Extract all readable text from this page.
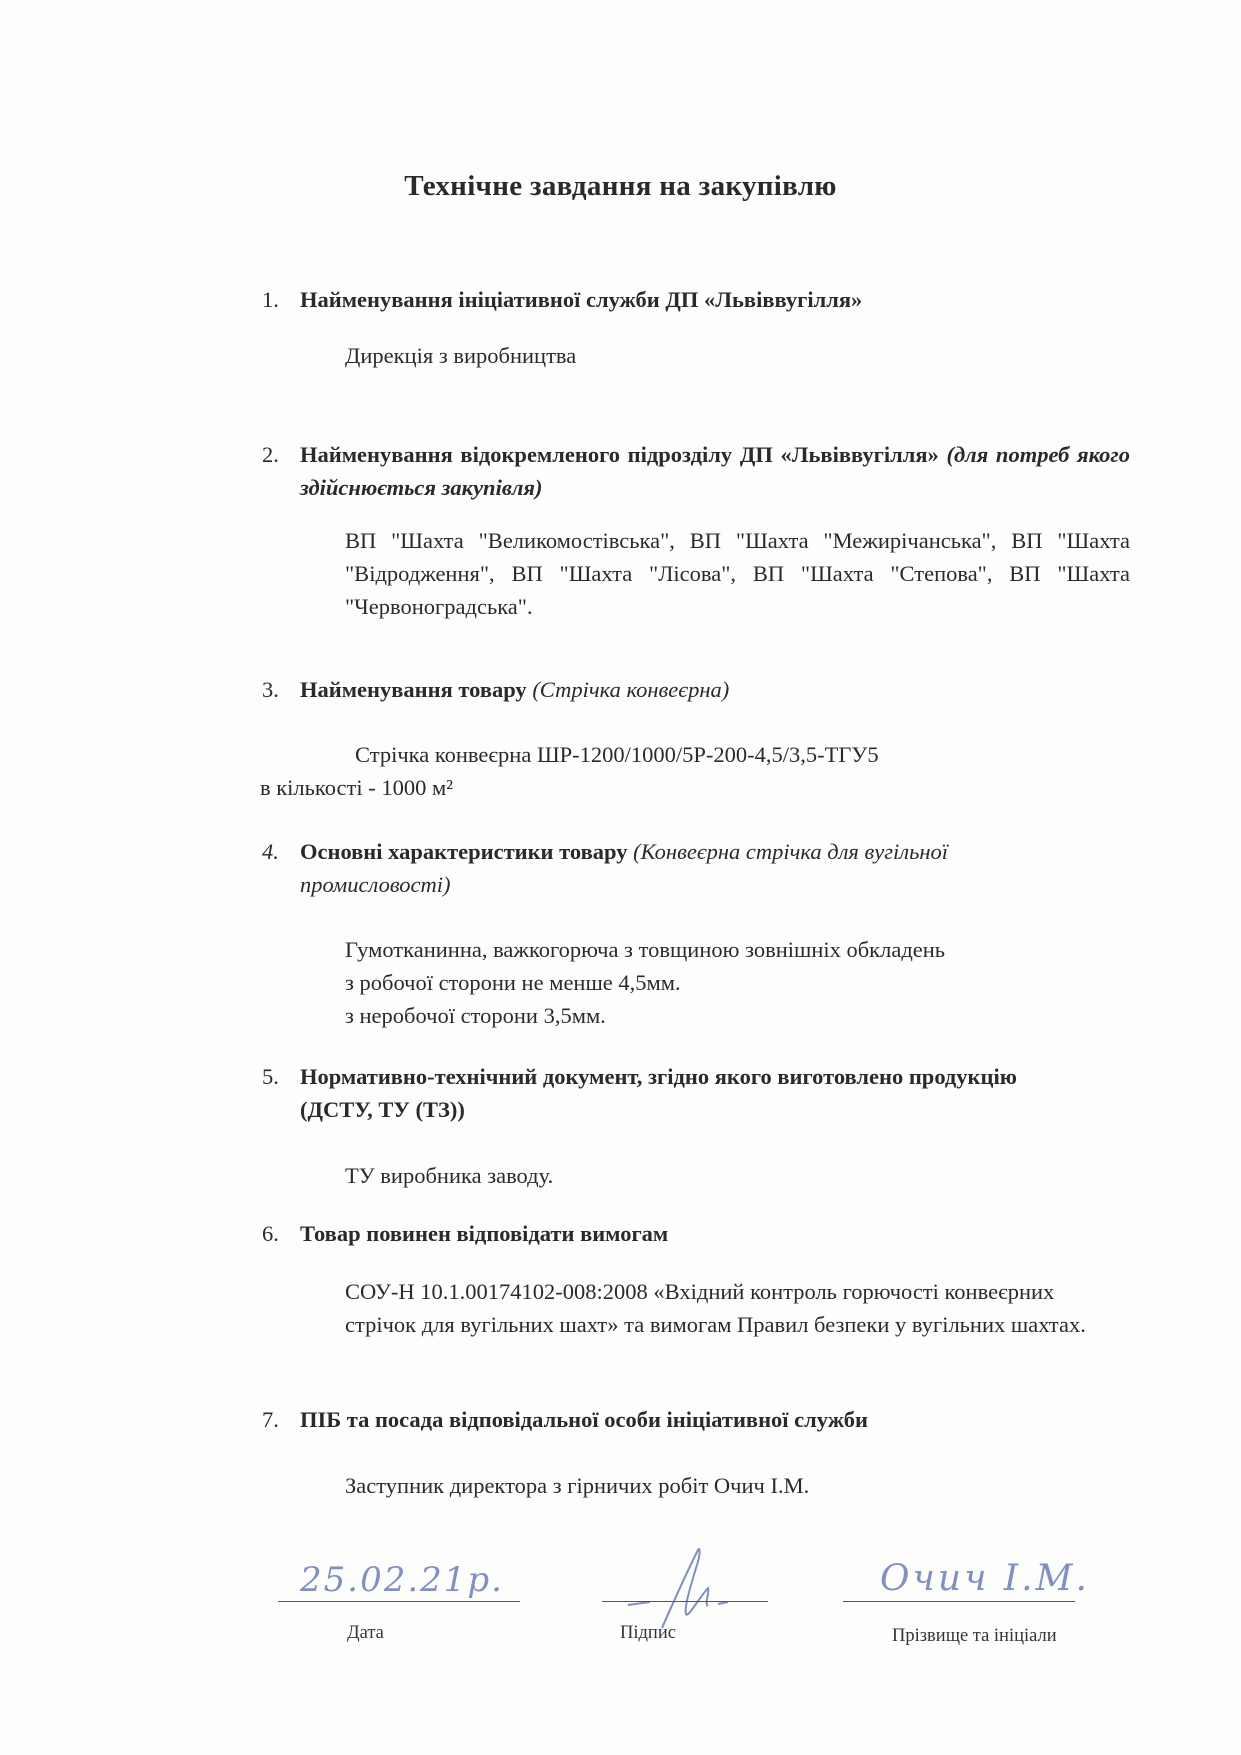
Технічне завдання на закупівлю
1. Найменування ініціативної служби ДП «Львіввугілля»

Дирекція з виробництва

2. Найменування відокремленого підрозділу ДП «Львіввугілля» (для потреб якого здійснюється закупівля)

ВП "Шахта "Великомостівська", ВП "Шахта "Межирічанська", ВП "Шахта "Відродження", ВП "Шахта "Лісова", ВП "Шахта "Степова", ВП "Шахта "Червоноградська".

3. Найменування товару (Стрічка конвеєрна)

Стрічка конвеєрна ШР-1200/1000/5Р-200-4,5/3,5-ТГУ5

в кількості - 1000 м²

4. Основні характеристики товару (Конвеєрна стрічка для вугільної промисловості)

Гумотканинна, важкогорюча з товщиною зовнішніх обкладень

з робочої сторони не менше 4,5мм.

з неробочої сторони 3,5мм.

5. Нормативно-технічний документ, згідно якого виготовлено продукцію (ДСТУ, ТУ (ТЗ))

ТУ виробника заводу.

6. Товар повинен відповідати вимогам

СОУ-Н 10.1.00174102-008:2008 «Вхідний контроль горючості конвеєрних стрічок для вугільних шахт» та вимогам Правил безпеки у вугільних шахтах.

7. ПІБ та посада відповідальної особи ініціативної служби

Заступник директора з гірничих робіт Очич І.М.

25.02.21р.
Дата	Підпис
Очич І.М.
Прізвище та ініціали
